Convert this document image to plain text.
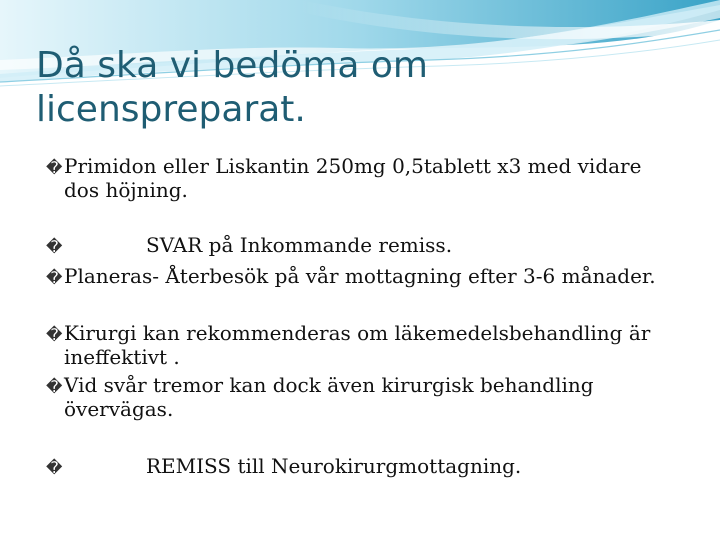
Då ska vi bedöma om
licenspreparat.

�Primidon eller Liskantin 250mg 0,5tablett x3 med vidare
dos höjning.

�	SVAR på Inkommande remiss.

�Planeras- Återbesök på vår mottagning efter 3-6 månader.

�Kirurgi kan rekommenderas om läkemedelsbehandling är
ineffektivt .

�Vid svår tremor kan dock även kirurgisk behandling
övervägas.

�	REMISS till Neurokirurgmottagning.
